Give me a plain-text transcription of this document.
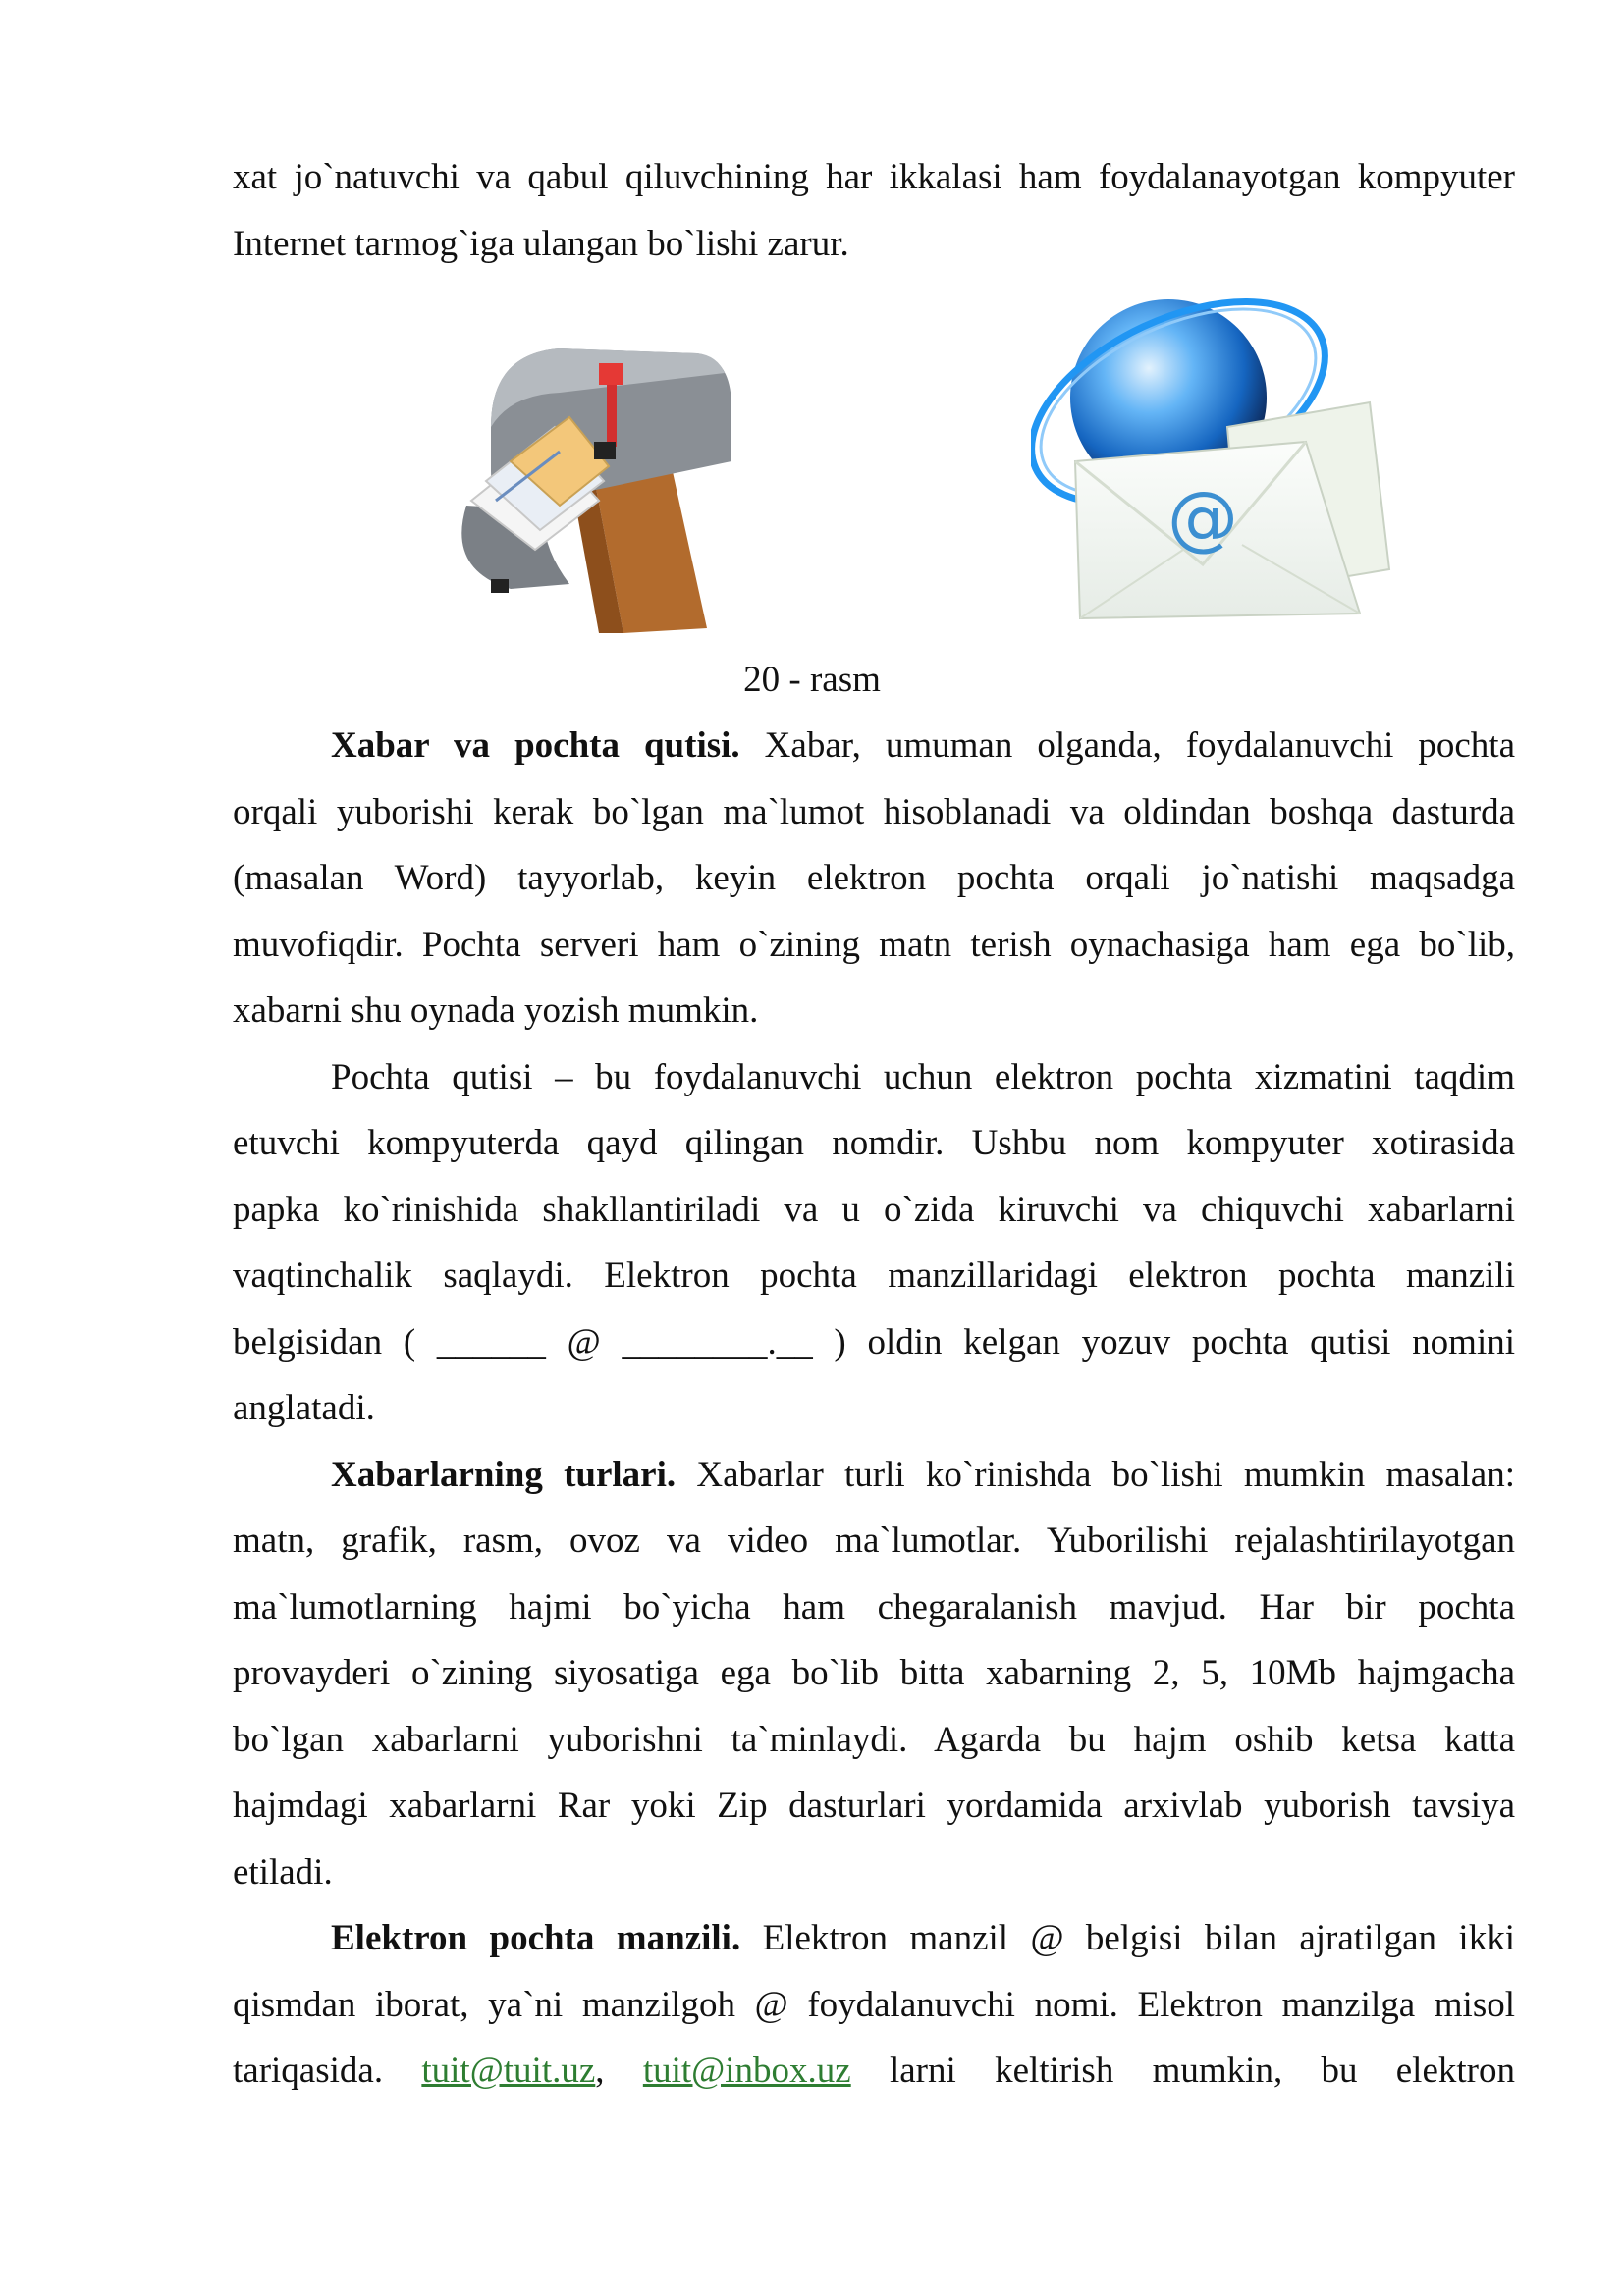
xat jo`natuvchi va qabul qiluvchining har ikkalasi ham foydalanayotgan kompyuter
Internet tarmog`iga ulangan bo`lishi zarur.
@
20 - rasm
Xabar va pochta qutisi. Xabar, umuman olganda, foydalanuvchi pochta
orqali yuborishi kerak bo`lgan ma`lumot hisoblanadi va oldindan boshqa dasturda
(masalan Word) tayyorlab, keyin elektron pochta orqali jo`natishi maqsadga
muvofiqdir. Pochta serveri ham o`zining matn terish oynachasiga ham ega bo`lib,
xabarni shu oynada yozish mumkin.
Pochta qutisi – bu foydalanuvchi uchun elektron pochta xizmatini taqdim
etuvchi kompyuterda qayd qilingan nomdir. Ushbu nom kompyuter xotirasida
papka ko`rinishida shakllantiriladi va u o`zida kiruvchi va chiquvchi xabarlarni
vaqtinchalik saqlaydi. Elektron pochta manzillaridagi elektron pochta manzili
belgisidan ( ______ @ ________.__ ) oldin kelgan yozuv pochta qutisi nomini
anglatadi.
Xabarlarning turlari. Xabarlar turli ko`rinishda bo`lishi mumkin masalan:
matn, grafik, rasm, ovoz va video ma`lumotlar. Yuborilishi rejalashtirilayotgan
ma`lumotlarning hajmi bo`yicha ham chegaralanish mavjud. Har bir pochta
provayderi o`zining siyosatiga ega bo`lib bitta xabarning 2, 5, 10Mb hajmgacha
bo`lgan xabarlarni yuborishni ta`minlaydi. Agarda bu hajm oshib ketsa katta
hajmdagi xabarlarni Rar yoki Zip dasturlari yordamida arxivlab yuborish tavsiya
etiladi.
Elektron pochta manzili. Elektron manzil @ belgisi bilan ajratilgan ikki
qismdan iborat, ya`ni manzilgoh @ foydalanuvchi nomi. Elektron manzilga misol
tariqasida. tuit@tuit.uz, tuit@inbox.uz larni keltirish mumkin, bu elektron
